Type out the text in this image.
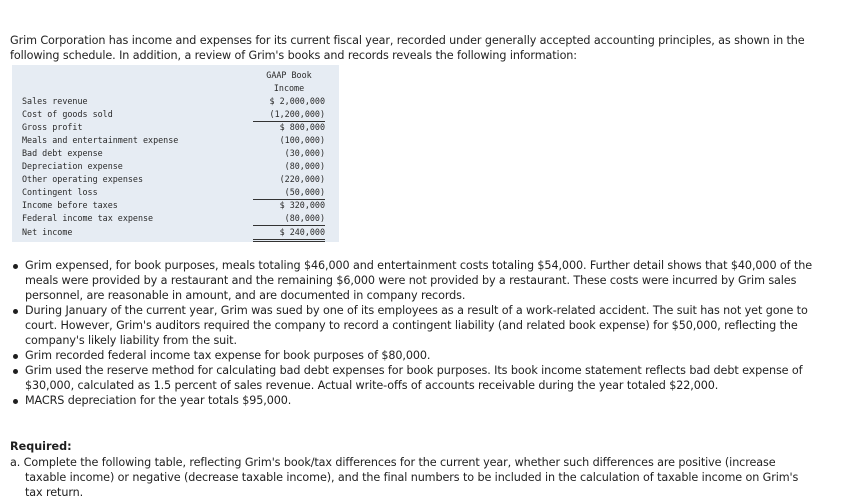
Grim Corporation has income and expenses for its current fiscal year, recorded under generally accepted accounting principles, as shown in the following schedule. In addition, a review of Grim's books and records reveals the following information:

GAAP Book
Income
Sales revenue	$ 2,000,000
Cost of goods sold	(1,200,000)
Gross profit	$ 800,000
Meals and entertainment expense	(100,000)
Bad debt expense	(30,000)
Depreciation expense	(80,000)
Other operating expenses	(220,000)
Contingent loss	(50,000)
Income before taxes	$ 320,000
Federal income tax expense	(80,000)
Net income	$ 240,000
Grim expensed, for book purposes, meals totaling $46,000 and entertainment costs totaling $54,000. Further detail shows that $40,000 of the meals were provided by a restaurant and the remaining $6,000 were not provided by a restaurant. These costs were incurred by Grim sales personnel, are reasonable in amount, and are documented in company records.
During January of the current year, Grim was sued by one of its employees as a result of a work-related accident. The suit has not yet gone to court. However, Grim's auditors required the company to record a contingent liability (and related book expense) for $50,000, reflecting the company's likely liability from the suit.
Grim recorded federal income tax expense for book purposes of $80,000.
Grim used the reserve method for calculating bad debt expenses for book purposes. Its book income statement reflects bad debt expense of $30,000, calculated as 1.5 percent of sales revenue. Actual write-offs of accounts receivable during the year totaled $22,000.
MACRS depreciation for the year totals $95,000.
Required:
a. Complete the following table, reflecting Grim's book/tax differences for the current year, whether such differences are positive (increase taxable income) or negative (decrease taxable income), and the final numbers to be included in the calculation of taxable income on Grim's tax return.
